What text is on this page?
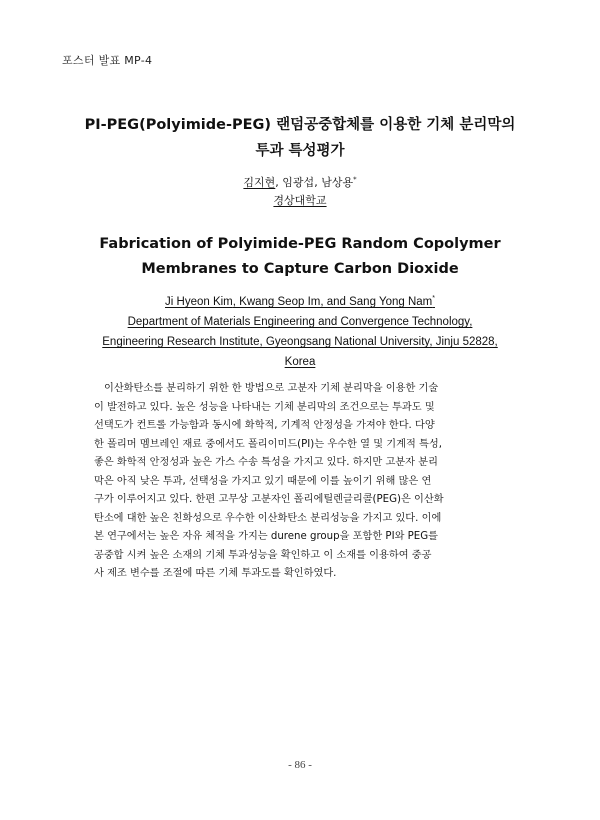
포스터 발표 MP-4
PI-PEG(Polyimide-PEG) 랜덤공중합체를 이용한 기체 분리막의
투과 특성평가
김지현, 임광섭, 남상용*
경상대학교
Fabrication of Polyimide-PEG Random Copolymer
Membranes to Capture Carbon Dioxide
Ji Hyeon Kim, Kwang Seop Im, and Sang Yong Nam*
Department of Materials Engineering and Convergence Technology,
Engineering Research Institute, Gyeongsang National University, Jinju 52828,
Korea
이산화탄소를 분리하기 위한 한 방법으로 고분자 기체 분리막을 이용한 기술
이 발전하고 있다. 높은 성능을 나타내는 기체 분리막의 조건으로는 투과도 및
선택도가 컨트롤 가능함과 동시에 화학적, 기계적 안정성을 가져야 한다. 다양
한 폴리머 멤브레인 재료 중에서도 폴리이미드(PI)는 우수한 열 및 기계적 특성,
좋은 화학적 안정성과 높은 가스 수송 특성을 가지고 있다. 하지만 고분자 분리
막은 아직 낮은 투과, 선택성을 가지고 있기 때문에 이를 높이기 위해 많은 연
구가 이루어지고 있다. 한편 고무상 고분자인 폴리에틸렌글리콜(PEG)은 이산화
탄소에 대한 높은 친화성으로 우수한 이산화탄소 분리성능을 가지고 있다. 이에
본 연구에서는 높은 자유 체적을 가지는 durene group을 포함한 PI와 PEG를
공중합 시켜 높은 소재의 기체 투과성능을 확인하고 이 소재를 이용하여 중공
사 제조 변수를 조절에 따른 기체 투과도를 확인하였다.
- 86 -
